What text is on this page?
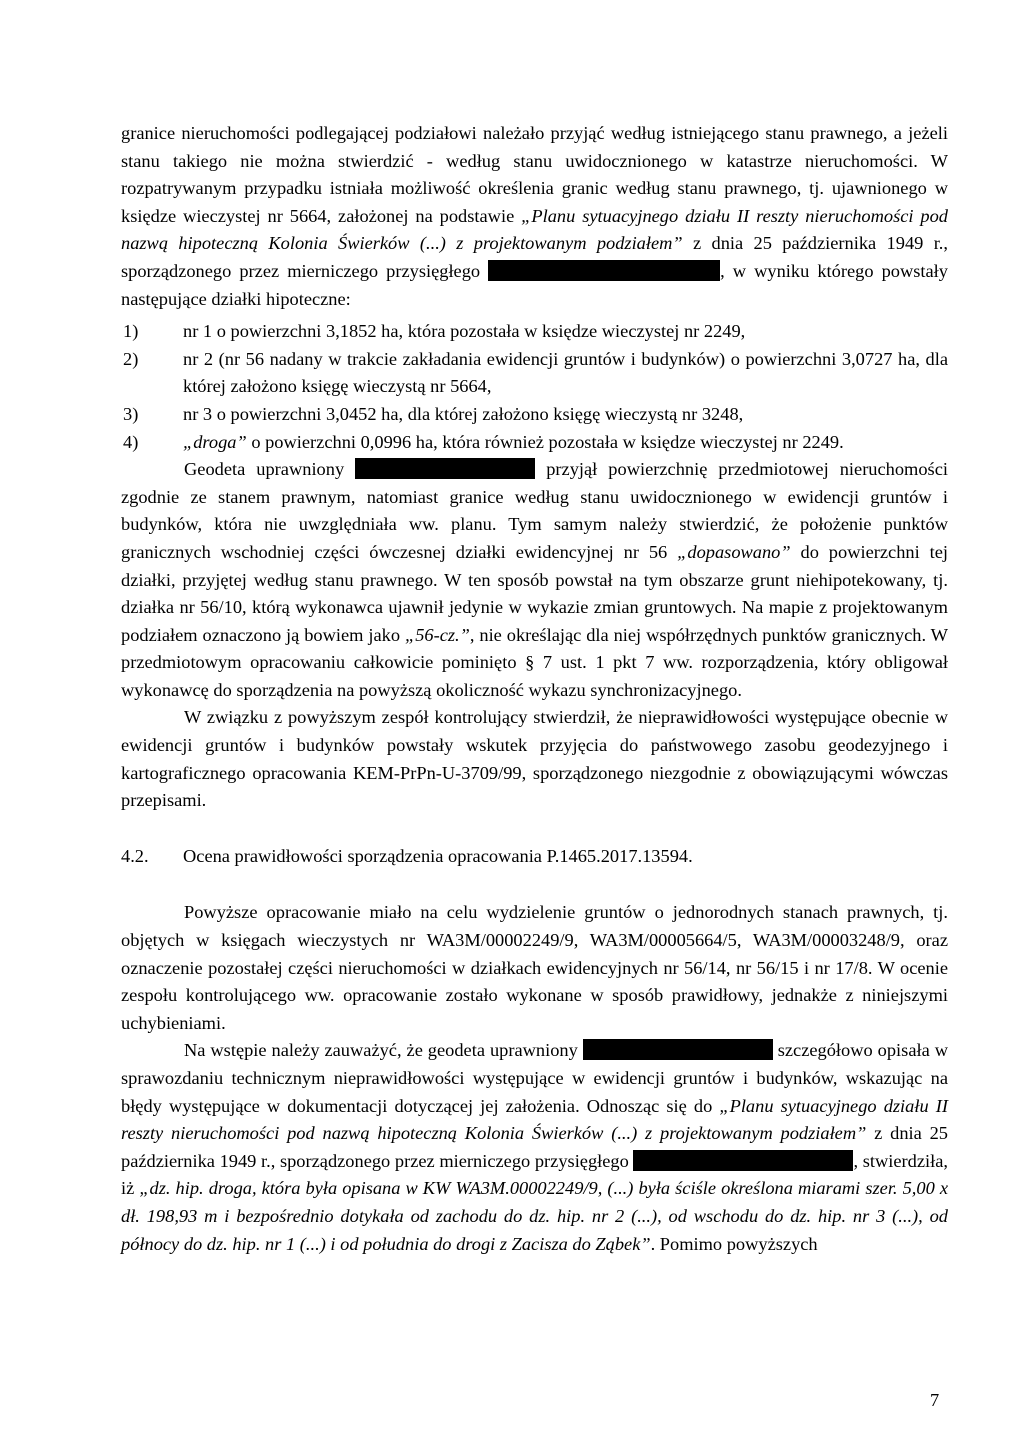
granice nieruchomości podlegającej podziałowi należało przyjąć według istniejącego stanu prawnego, a jeżeli stanu takiego nie można stwierdzić - według stanu uwidocznionego w katastrze nieruchomości. W rozpatrywanym przypadku istniała możliwość określenia granic według stanu prawnego, tj. ujawnionego w księdze wieczystej nr 5664, założonej na podstawie „Planu sytuacyjnego działu II reszty nieruchomości pod nazwą hipoteczną Kolonia Świerków (...) z projektowanym podziałem” z dnia 25 października 1949 r., sporządzonego przez mierniczego przysięgłego	, w wyniku którego powstały następujące działki hipoteczne:

1)	nr 1 o powierzchni 3,1852 ha, która pozostała w księdze wieczystej nr 2249,
2)	nr 2 (nr 56 nadany w trakcie zakładania ewidencji gruntów i budynków) o powierzchni 3,0727 ha, dla której założono księgę wieczystą nr 5664,
3)	nr 3 o powierzchni 3,0452 ha, dla której założono księgę wieczystą nr 3248,
4)	„droga” o powierzchni 0,0996 ha, która również pozostała w księdze wieczystej nr 2249.

Geodeta uprawniony	przyjął powierzchnię przedmiotowej nieruchomości zgodnie ze stanem prawnym, natomiast granice według stanu uwidocznionego w ewidencji gruntów i budynków, która nie uwzględniała ww. planu. Tym samym należy stwierdzić, że położenie punktów granicznych wschodniej części ówczesnej działki ewidencyjnej nr 56 „dopasowano” do powierzchni tej działki, przyjętej według stanu prawnego. W ten sposób powstał na tym obszarze grunt niehipotekowany, tj. działka nr 56/10, którą wykonawca ujawnił jedynie w wykazie zmian gruntowych. Na mapie z projektowanym podziałem oznaczono ją bowiem jako „56-cz.”, nie określając dla niej współrzędnych punktów granicznych. W przedmiotowym opracowaniu całkowicie pominięto § 7 ust. 1 pkt 7 ww. rozporządzenia, który obligował wykonawcę do sporządzenia na powyższą okoliczność wykazu synchronizacyjnego.

W związku z powyższym zespół kontrolujący stwierdził, że nieprawidłowości występujące obecnie w ewidencji gruntów i budynków powstały wskutek przyjęcia do państwowego zasobu geodezyjnego i kartograficznego opracowania KEM-PrPn-U-3709/99, sporządzonego niezgodnie z obowiązującymi wówczas przepisami.

4.2.	Ocena prawidłowości sporządzenia opracowania P.1465.2017.13594.

Powyższe opracowanie miało na celu wydzielenie gruntów o jednorodnych stanach prawnych, tj. objętych w księgach wieczystych nr WA3M/00002249/9, WA3M/00005664/5, WA3M/00003248/9, oraz oznaczenie pozostałej części nieruchomości w działkach ewidencyjnych nr 56/14, nr 56/15 i nr 17/8. W ocenie zespołu kontrolującego ww. opracowanie zostało wykonane w sposób prawidłowy, jednakże z niniejszymi uchybieniami.

Na wstępie należy zauważyć, że geodeta uprawniony	szczegółowo opisała w sprawozdaniu technicznym nieprawidłowości występujące w ewidencji gruntów i budynków, wskazując na błędy występujące w dokumentacji dotyczącej jej założenia. Odnosząc się do „Planu sytuacyjnego działu II reszty nieruchomości pod nazwą hipoteczną Kolonia Świerków (...) z projektowanym podziałem” z dnia 25 października 1949 r., sporządzonego przez mierniczego przysięgłego	, stwierdziła, iż „dz. hip. droga, która była opisana w KW WA3M.00002249/9, (...) była ściśle określona miarami szer. 5,00 x dł. 198,93 m i bezpośrednio dotykała od zachodu do dz. hip. nr 2 (...), od wschodu do dz. hip. nr 3 (...), od północy do dz. hip. nr 1 (...) i od południa do drogi z Zacisza do Ząbek”. Pomimo powyższych

7
